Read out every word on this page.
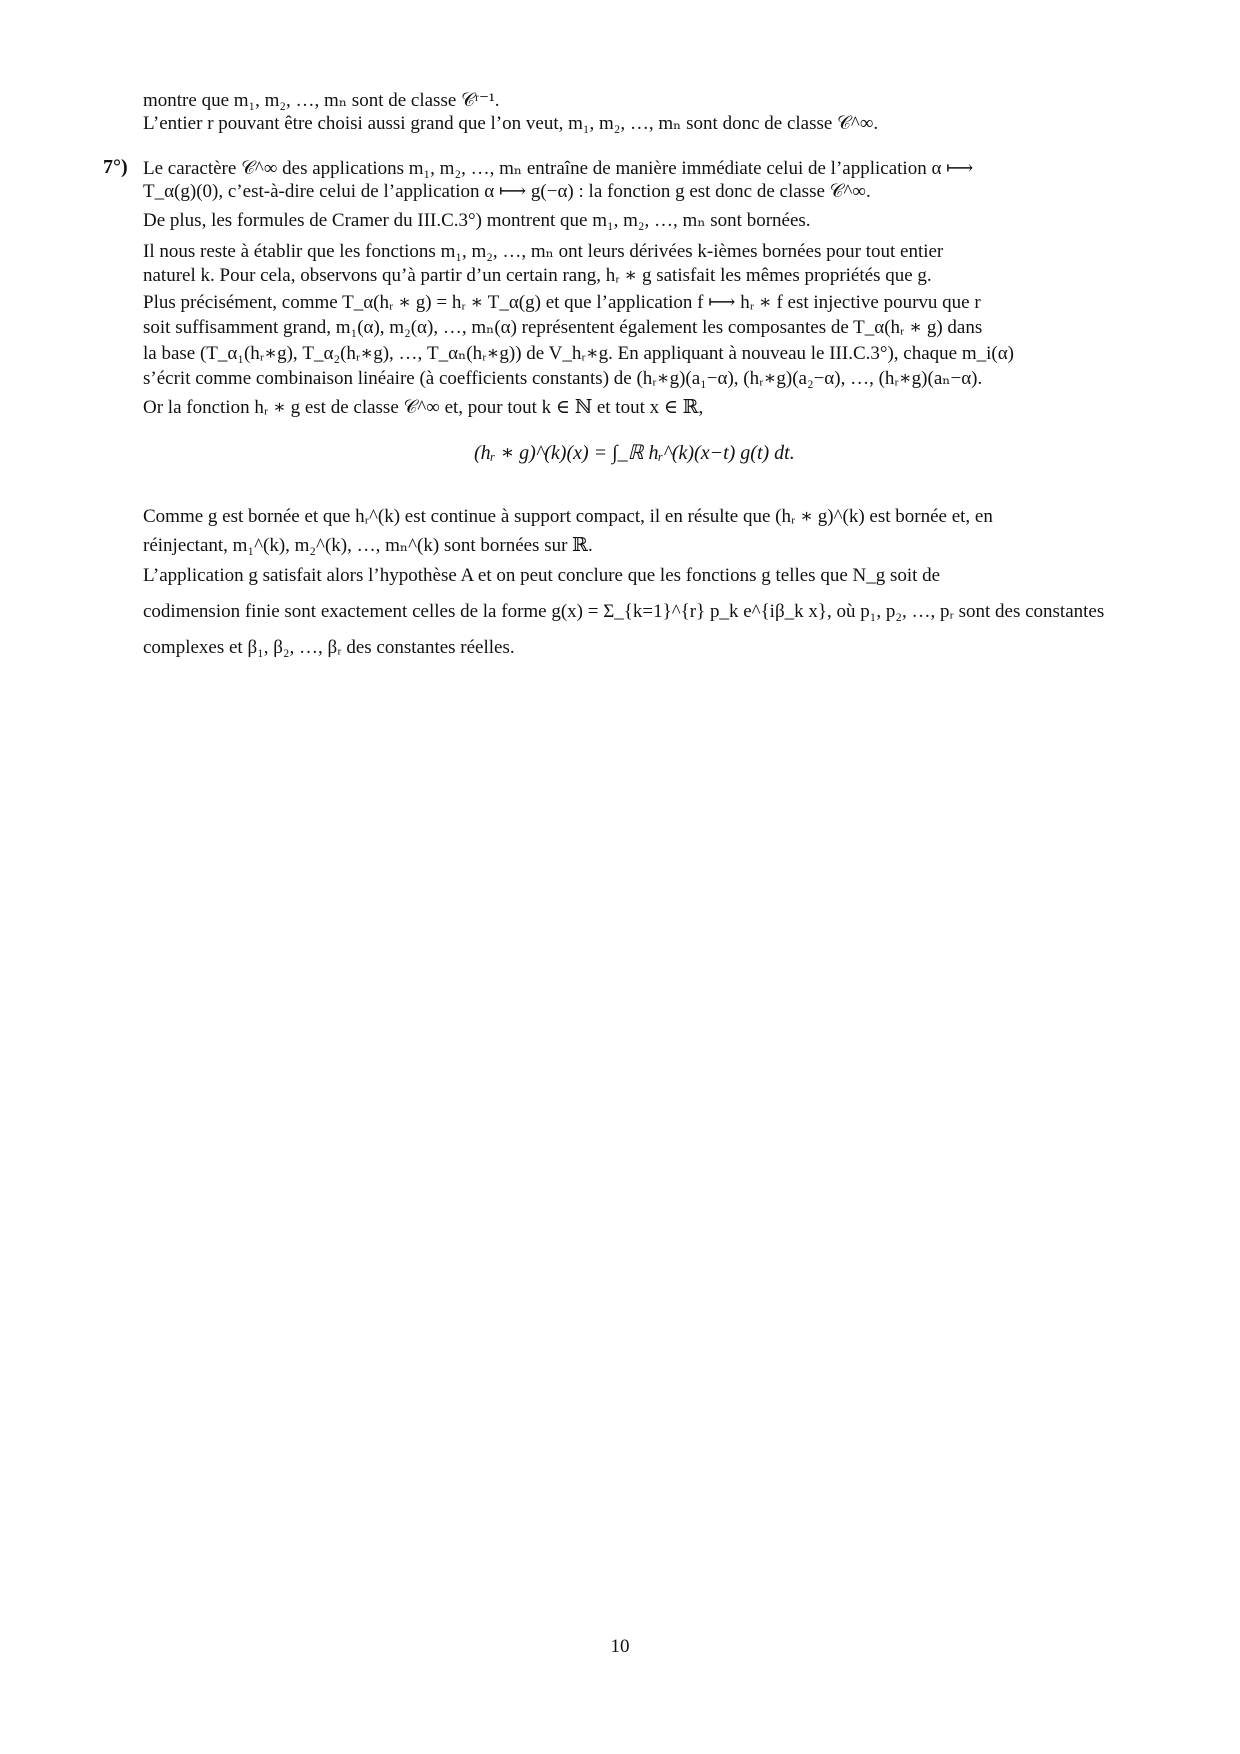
montre que m₁, m₂, …, mₙ sont de classe 𝒞ʳ⁻¹.
L’entier r pouvant être choisi aussi grand que l’on veut, m₁, m₂, …, mₙ sont donc de classe 𝒞^∞.
7°) Le caractère 𝒞^∞ des applications m₁, m₂, …, mₙ entraîne de manière immédiate celui de l’application α ⟼
T_α(g)(0), c’est-à-dire celui de l’application α ⟼ g(−α) : la fonction g est donc de classe 𝒞^∞.
De plus, les formules de Cramer du III.C.3°) montrent que m₁, m₂, …, mₙ sont bornées.
Il nous reste à établir que les fonctions m₁, m₂, …, mₙ ont leurs dérivées k-ièmes bornées pour tout entier
naturel k. Pour cela, observons qu’à partir d’un certain rang, hᵣ ∗ g satisfait les mêmes propriétés que g.
Plus précisément, comme T_α(hᵣ ∗ g) = hᵣ ∗ T_α(g) et que l’application f ⟼ hᵣ ∗ f est injective pourvu que r
soit suffisamment grand, m₁(α), m₂(α), …, mₙ(α) représentent également les composantes de T_α(hᵣ ∗ g) dans
la base (T_α₁(hᵣ∗g), T_α₂(hᵣ∗g), …, T_αₙ(hᵣ∗g)) de V_hᵣ∗g. En appliquant à nouveau le III.C.3°), chaque m_i(α)
s’écrit comme combinaison linéaire (à coefficients constants) de (hᵣ∗g)(a₁−α), (hᵣ∗g)(a₂−α), …, (hᵣ∗g)(aₙ−α).
Or la fonction hᵣ ∗ g est de classe 𝒞^∞ et, pour tout k ∈ ℕ et tout x ∈ ℝ,
(hᵣ ∗ g)^(k)(x) = ∫_ℝ hᵣ^(k)(x−t) g(t) dt.
Comme g est bornée et que hᵣ^(k) est continue à support compact, il en résulte que (hᵣ ∗ g)^(k) est bornée et, en
réinjectant, m₁^(k), m₂^(k), …, mₙ^(k) sont bornées sur ℝ.
L’application g satisfait alors l’hypothèse A et on peut conclure que les fonctions g telles que N_g soit de
codimension finie sont exactement celles de la forme g(x) = Σ_{k=1}^{r} p_k e^{iβ_k x}, où p₁, p₂, …, pᵣ sont des constantes
complexes et β₁, β₂, …, βᵣ des constantes réelles.
10
